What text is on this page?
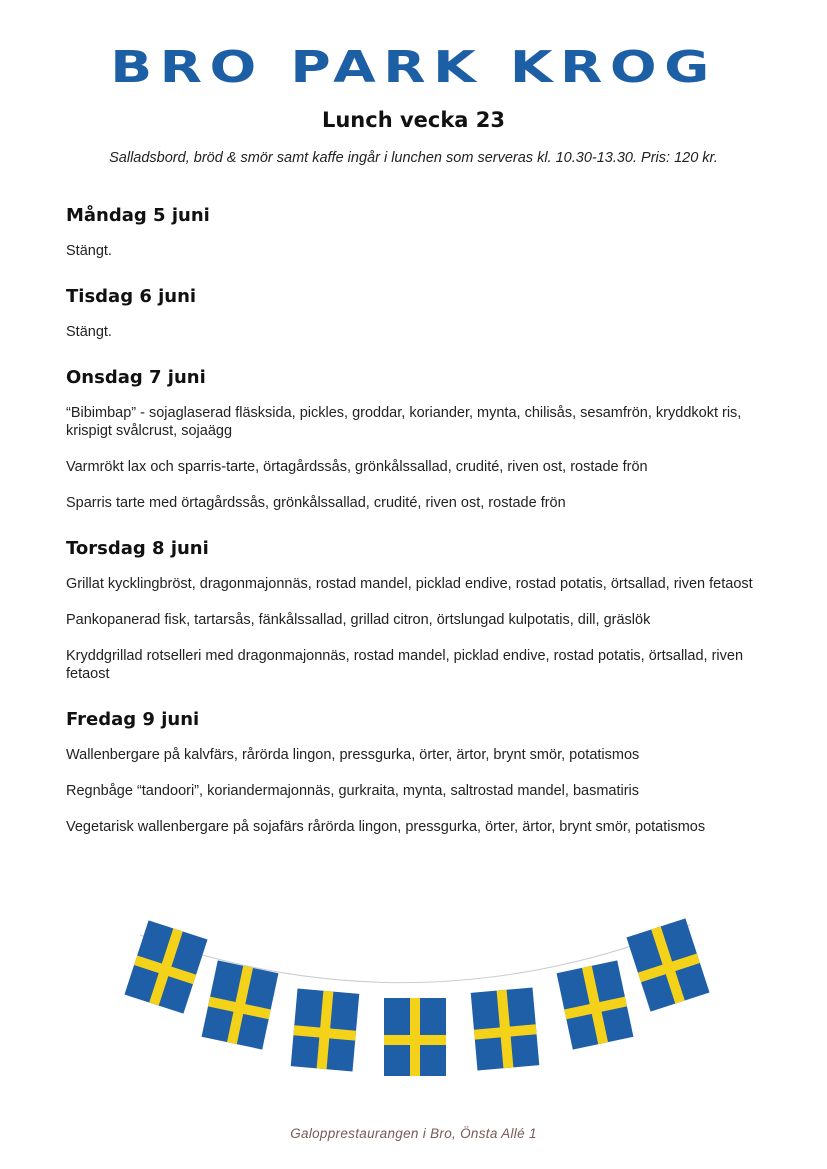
BRO PARK KROG
Lunch vecka 23
Salladsbord, bröd & smör samt kaffe ingår i lunchen som serveras kl. 10.30-13.30. Pris: 120 kr.
Måndag 5 juni
Stängt.
Tisdag 6 juni
Stängt.
Onsdag 7 juni
“Bibimbap” - sojaglaserad fläsksida, pickles, groddar, koriander, mynta, chilisås, sesamfrön, kryddkokt ris, krispigt svålcrust, sojaägg
Varmrökt lax och sparris-tarte, örtagårdssås, grönkålssallad, crudité, riven ost, rostade frön
Sparris tarte med örtagårdssås, grönkålssallad, crudité, riven ost, rostade frön
Torsdag 8 juni
Grillat kycklingbröst, dragonmajonnäs, rostad mandel, picklad endive, rostad potatis, örtsallad, riven fetaost
Pankopanerad fisk, tartarsås, fänkålssallad, grillad citron, örtslungad kulpotatis, dill, gräslök
Kryddgrillad rotselleri med dragonmajonnäs, rostad mandel, picklad endive, rostad potatis, örtsallad, riven fetaost
Fredag 9 juni
Wallenbergare på kalvfärs, rårörda lingon, pressgurka, örter, ärtor, brynt smör, potatismos
Regnbåge “tandoori”, koriandermajonnäs, gurkraita, mynta, saltrostad mandel, basmatiris
Vegetarisk wallenbergare på sojafärs rårörda lingon, pressgurka, örter, ärtor, brynt smör, potatismos
Galopprestaurangen i Bro, Önsta Allé 1
